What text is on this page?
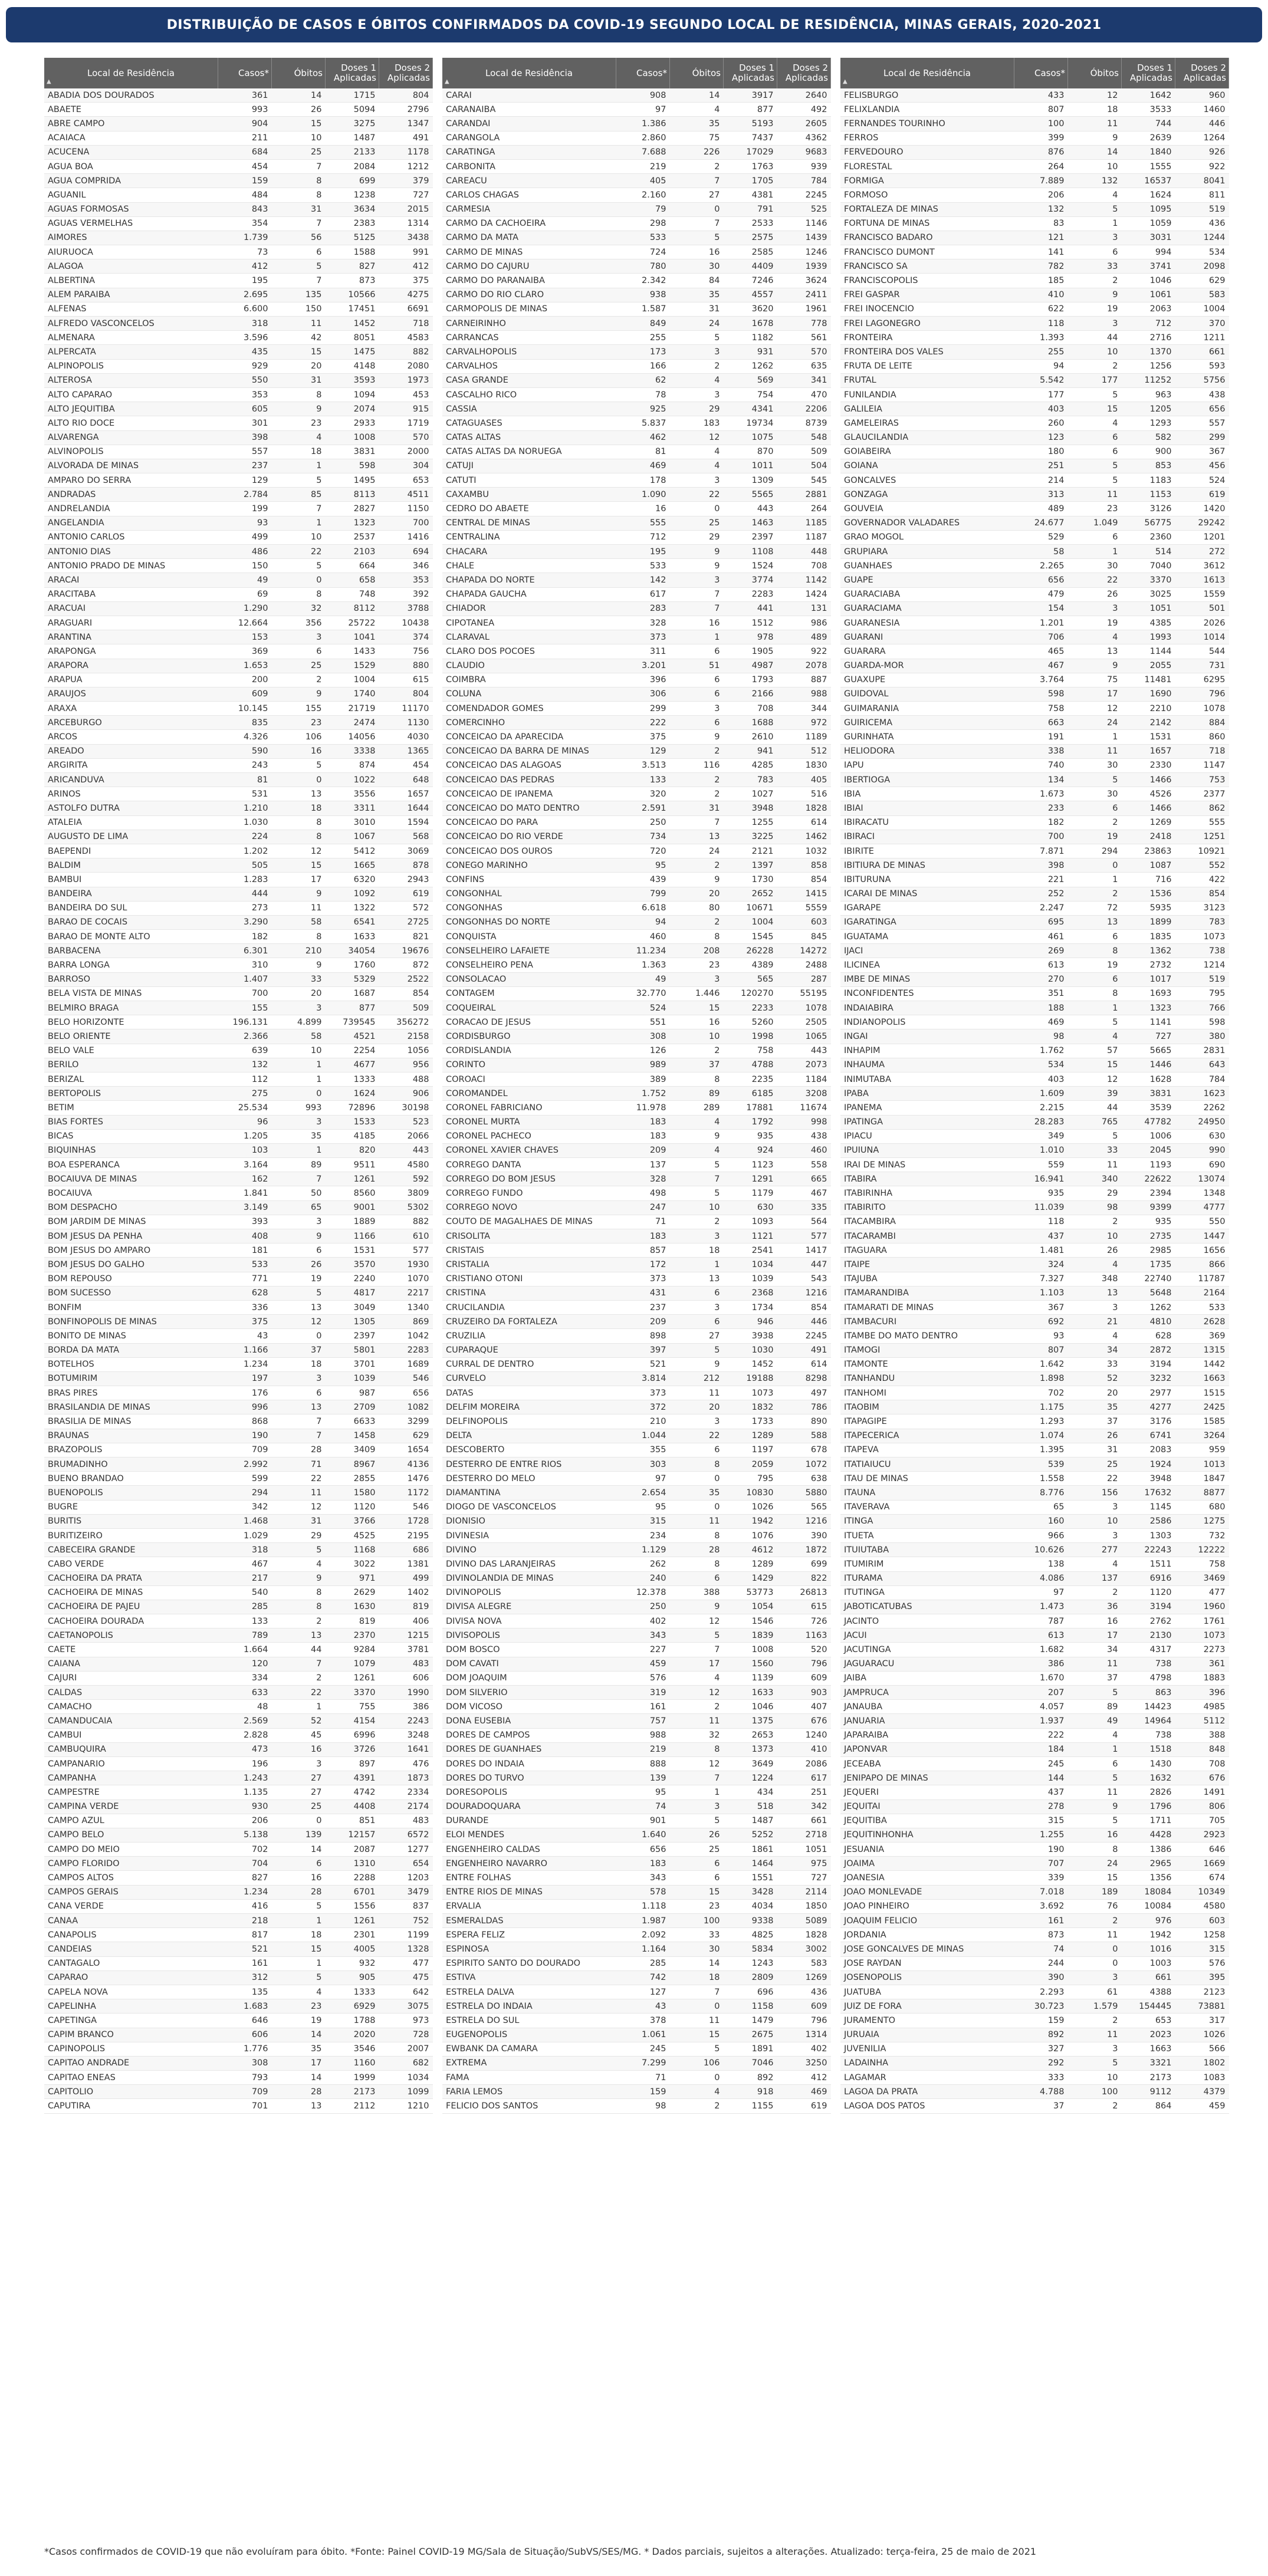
DISTRIBUIÇÃO DE CASOS E ÓBITOS CONFIRMADOS DA COVID-19 SEGUNDO LOCAL DE RESIDÊNCIA, MINAS GERAIS, 2020-2021
Local de Residência
▲	Casos*	Óbitos	Doses 1 Aplicadas	Doses 2 Aplicadas
ABADIA DOS DOURADOS	361	14	1715	804
ABAETE	993	26	5094	2796
ABRE CAMPO	904	15	3275	1347
ACAIACA	211	10	1487	491
ACUCENA	684	25	2133	1178
AGUA BOA	454	7	2084	1212
AGUA COMPRIDA	159	8	699	379
AGUANIL	484	8	1238	727
AGUAS FORMOSAS	843	31	3634	2015
AGUAS VERMELHAS	354	7	2383	1314
AIMORES	1.739	56	5125	3438
AIURUOCA	73	6	1588	991
ALAGOA	412	5	827	412
ALBERTINA	195	7	873	375
ALEM PARAIBA	2.695	135	10566	4275
ALFENAS	6.600	150	17451	6691
ALFREDO VASCONCELOS	318	11	1452	718
ALMENARA	3.596	42	8051	4583
ALPERCATA	435	15	1475	882
ALPINOPOLIS	929	20	4148	2080
ALTEROSA	550	31	3593	1973
ALTO CAPARAO	353	8	1094	453
ALTO JEQUITIBA	605	9	2074	915
ALTO RIO DOCE	301	23	2933	1719
ALVARENGA	398	4	1008	570
ALVINOPOLIS	557	18	3831	2000
ALVORADA DE MINAS	237	1	598	304
AMPARO DO SERRA	129	5	1495	653
ANDRADAS	2.784	85	8113	4511
ANDRELANDIA	199	7	2827	1150
ANGELANDIA	93	1	1323	700
ANTONIO CARLOS	499	10	2537	1416
ANTONIO DIAS	486	22	2103	694
ANTONIO PRADO DE MINAS	150	5	664	346
ARACAI	49	0	658	353
ARACITABA	69	8	748	392
ARACUAI	1.290	32	8112	3788
ARAGUARI	12.664	356	25722	10438
ARANTINA	153	3	1041	374
ARAPONGA	369	6	1433	756
ARAPORA	1.653	25	1529	880
ARAPUA	200	2	1004	615
ARAUJOS	609	9	1740	804
ARAXA	10.145	155	21719	11170
ARCEBURGO	835	23	2474	1130
ARCOS	4.326	106	14056	4030
AREADO	590	16	3338	1365
ARGIRITA	243	5	874	454
ARICANDUVA	81	0	1022	648
ARINOS	531	13	3556	1657
ASTOLFO DUTRA	1.210	18	3311	1644
ATALEIA	1.030	8	3010	1594
AUGUSTO DE LIMA	224	8	1067	568
BAEPENDI	1.202	12	5412	3069
BALDIM	505	15	1665	878
BAMBUI	1.283	17	6320	2943
BANDEIRA	444	9	1092	619
BANDEIRA DO SUL	273	11	1322	572
BARAO DE COCAIS	3.290	58	6541	2725
BARAO DE MONTE ALTO	182	8	1633	821
BARBACENA	6.301	210	34054	19676
BARRA LONGA	310	9	1760	872
BARROSO	1.407	33	5329	2522
BELA VISTA DE MINAS	700	20	1687	854
BELMIRO BRAGA	155	3	877	509
BELO HORIZONTE	196.131	4.899	739545	356272
BELO ORIENTE	2.366	58	4521	2158
BELO VALE	639	10	2254	1056
BERILO	132	1	4677	956
BERIZAL	112	1	1333	488
BERTOPOLIS	275	0	1624	906
BETIM	25.534	993	72896	30198
BIAS FORTES	96	3	1533	523
BICAS	1.205	35	4185	2066
BIQUINHAS	103	1	820	443
BOA ESPERANCA	3.164	89	9511	4580
BOCAIUVA DE MINAS	162	7	1261	592
BOCAIUVA	1.841	50	8560	3809
BOM DESPACHO	3.149	65	9001	5302
BOM JARDIM DE MINAS	393	3	1889	882
BOM JESUS DA PENHA	408	9	1166	610
BOM JESUS DO AMPARO	181	6	1531	577
BOM JESUS DO GALHO	533	26	3570	1930
BOM REPOUSO	771	19	2240	1070
BOM SUCESSO	628	5	4817	2217
BONFIM	336	13	3049	1340
BONFINOPOLIS DE MINAS	375	12	1305	869
BONITO DE MINAS	43	0	2397	1042
BORDA DA MATA	1.166	37	5801	2283
BOTELHOS	1.234	18	3701	1689
BOTUMIRIM	197	3	1039	546
BRAS PIRES	176	6	987	656
BRASILANDIA DE MINAS	996	13	2709	1082
BRASILIA DE MINAS	868	7	6633	3299
BRAUNAS	190	7	1458	629
BRAZOPOLIS	709	28	3409	1654
BRUMADINHO	2.992	71	8967	4136
BUENO BRANDAO	599	22	2855	1476
BUENOPOLIS	294	11	1580	1172
BUGRE	342	12	1120	546
BURITIS	1.468	31	3766	1728
BURITIZEIRO	1.029	29	4525	2195
CABECEIRA GRANDE	318	5	1168	686
CABO VERDE	467	4	3022	1381
CACHOEIRA DA PRATA	217	9	971	499
CACHOEIRA DE MINAS	540	8	2629	1402
CACHOEIRA DE PAJEU	285	8	1630	819
CACHOEIRA DOURADA	133	2	819	406
CAETANOPOLIS	789	13	2370	1215
CAETE	1.664	44	9284	3781
CAIANA	120	7	1079	483
CAJURI	334	2	1261	606
CALDAS	633	22	3370	1990
CAMACHO	48	1	755	386
CAMANDUCAIA	2.569	52	4154	2243
CAMBUI	2.828	45	6996	3248
CAMBUQUIRA	473	16	3726	1641
CAMPANARIO	196	3	897	476
CAMPANHA	1.243	27	4391	1873
CAMPESTRE	1.135	27	4742	2334
CAMPINA VERDE	930	25	4408	2174
CAMPO AZUL	206	0	851	483
CAMPO BELO	5.138	139	12157	6572
CAMPO DO MEIO	702	14	2087	1277
CAMPO FLORIDO	704	6	1310	654
CAMPOS ALTOS	827	16	2288	1203
CAMPOS GERAIS	1.234	28	6701	3479
CANA VERDE	416	5	1556	837
CANAA	218	1	1261	752
CANAPOLIS	817	18	2301	1199
CANDEIAS	521	15	4005	1328
CANTAGALO	161	1	932	477
CAPARAO	312	5	905	475
CAPELA NOVA	135	4	1333	642
CAPELINHA	1.683	23	6929	3075
CAPETINGA	646	19	1788	973
CAPIM BRANCO	606	14	2020	728
CAPINOPOLIS	1.776	35	3546	2007
CAPITAO ANDRADE	308	17	1160	682
CAPITAO ENEAS	793	14	1999	1034
CAPITOLIO	709	28	2173	1099
CAPUTIRA	701	13	2112	1210
Local de Residência
▲	Casos*	Óbitos	Doses 1 Aplicadas	Doses 2 Aplicadas
CARAI	908	14	3917	2640
CARANAIBA	97	4	877	492
CARANDAI	1.386	35	5193	2605
CARANGOLA	2.860	75	7437	4362
CARATINGA	7.688	226	17029	9683
CARBONITA	219	2	1763	939
CAREACU	405	7	1705	784
CARLOS CHAGAS	2.160	27	4381	2245
CARMESIA	79	0	791	525
CARMO DA CACHOEIRA	298	7	2533	1146
CARMO DA MATA	533	5	2575	1439
CARMO DE MINAS	724	16	2585	1246
CARMO DO CAJURU	780	30	4409	1939
CARMO DO PARANAIBA	2.342	84	7246	3624
CARMO DO RIO CLARO	938	35	4557	2411
CARMOPOLIS DE MINAS	1.587	31	3620	1961
CARNEIRINHO	849	24	1678	778
CARRANCAS	255	5	1182	561
CARVALHOPOLIS	173	3	931	570
CARVALHOS	166	2	1262	635
CASA GRANDE	62	4	569	341
CASCALHO RICO	78	3	754	470
CASSIA	925	29	4341	2206
CATAGUASES	5.837	183	19734	8739
CATAS ALTAS	462	12	1075	548
CATAS ALTAS DA NORUEGA	81	4	870	509
CATUJI	469	4	1011	504
CATUTI	178	3	1309	545
CAXAMBU	1.090	22	5565	2881
CEDRO DO ABAETE	16	0	443	264
CENTRAL DE MINAS	555	25	1463	1185
CENTRALINA	712	29	2397	1187
CHACARA	195	9	1108	448
CHALE	533	9	1524	708
CHAPADA DO NORTE	142	3	3774	1142
CHAPADA GAUCHA	617	7	2283	1424
CHIADOR	283	7	441	131
CIPOTANEA	328	16	1512	986
CLARAVAL	373	1	978	489
CLARO DOS POCOES	311	6	1905	922
CLAUDIO	3.201	51	4987	2078
COIMBRA	396	6	1793	887
COLUNA	306	6	2166	988
COMENDADOR GOMES	299	3	708	344
COMERCINHO	222	6	1688	972
CONCEICAO DA APARECIDA	375	9	2610	1189
CONCEICAO DA BARRA DE MINAS	129	2	941	512
CONCEICAO DAS ALAGOAS	3.513	116	4285	1830
CONCEICAO DAS PEDRAS	133	2	783	405
CONCEICAO DE IPANEMA	320	2	1027	516
CONCEICAO DO MATO DENTRO	2.591	31	3948	1828
CONCEICAO DO PARA	250	7	1255	614
CONCEICAO DO RIO VERDE	734	13	3225	1462
CONCEICAO DOS OUROS	720	24	2121	1032
CONEGO MARINHO	95	2	1397	858
CONFINS	439	9	1730	854
CONGONHAL	799	20	2652	1415
CONGONHAS	6.618	80	10671	5559
CONGONHAS DO NORTE	94	2	1004	603
CONQUISTA	460	8	1545	845
CONSELHEIRO LAFAIETE	11.234	208	26228	14272
CONSELHEIRO PENA	1.363	23	4389	2488
CONSOLACAO	49	3	565	287
CONTAGEM	32.770	1.446	120270	55195
COQUEIRAL	524	15	2233	1078
CORACAO DE JESUS	551	16	5260	2505
CORDISBURGO	308	10	1998	1065
CORDISLANDIA	126	2	758	443
CORINTO	989	37	4788	2073
COROACI	389	8	2235	1184
COROMANDEL	1.752	89	6185	3208
CORONEL FABRICIANO	11.978	289	17881	11674
CORONEL MURTA	183	4	1792	998
CORONEL PACHECO	183	9	935	438
CORONEL XAVIER CHAVES	209	4	924	460
CORREGO DANTA	137	5	1123	558
CORREGO DO BOM JESUS	328	7	1291	665
CORREGO FUNDO	498	5	1179	467
CORREGO NOVO	247	10	630	335
COUTO DE MAGALHAES DE MINAS	71	2	1093	564
CRISOLITA	183	3	1121	577
CRISTAIS	857	18	2541	1417
CRISTALIA	172	1	1034	447
CRISTIANO OTONI	373	13	1039	543
CRISTINA	431	6	2368	1216
CRUCILANDIA	237	3	1734	854
CRUZEIRO DA FORTALEZA	209	6	946	446
CRUZILIA	898	27	3938	2245
CUPARAQUE	397	5	1030	491
CURRAL DE DENTRO	521	9	1452	614
CURVELO	3.814	212	19188	8298
DATAS	373	11	1073	497
DELFIM MOREIRA	372	20	1832	786
DELFINOPOLIS	210	3	1733	890
DELTA	1.044	22	1289	588
DESCOBERTO	355	6	1197	678
DESTERRO DE ENTRE RIOS	303	8	2059	1072
DESTERRO DO MELO	97	0	795	638
DIAMANTINA	2.654	35	10830	5880
DIOGO DE VASCONCELOS	95	0	1026	565
DIONISIO	315	11	1942	1216
DIVINESIA	234	8	1076	390
DIVINO	1.129	28	4612	1872
DIVINO DAS LARANJEIRAS	262	8	1289	699
DIVINOLANDIA DE MINAS	240	6	1429	822
DIVINOPOLIS	12.378	388	53773	26813
DIVISA ALEGRE	250	9	1054	615
DIVISA NOVA	402	12	1546	726
DIVISOPOLIS	343	5	1839	1163
DOM BOSCO	227	7	1008	520
DOM CAVATI	459	17	1560	796
DOM JOAQUIM	576	4	1139	609
DOM SILVERIO	319	12	1633	903
DOM VICOSO	161	2	1046	407
DONA EUSEBIA	757	11	1375	676
DORES DE CAMPOS	988	32	2653	1240
DORES DE GUANHAES	219	8	1373	410
DORES DO INDAIA	888	12	3649	2086
DORES DO TURVO	139	7	1224	617
DORESOPOLIS	95	1	434	251
DOURADOQUARA	74	3	518	342
DURANDE	901	5	1487	661
ELOI MENDES	1.640	26	5252	2718
ENGENHEIRO CALDAS	656	25	1861	1051
ENGENHEIRO NAVARRO	183	6	1464	975
ENTRE FOLHAS	343	6	1551	727
ENTRE RIOS DE MINAS	578	15	3428	2114
ERVALIA	1.118	23	4034	1850
ESMERALDAS	1.987	100	9338	5089
ESPERA FELIZ	2.092	33	4825	1828
ESPINOSA	1.164	30	5834	3002
ESPIRITO SANTO DO DOURADO	285	14	1243	583
ESTIVA	742	18	2809	1269
ESTRELA DALVA	127	7	696	436
ESTRELA DO INDAIA	43	0	1158	609
ESTRELA DO SUL	378	11	1479	796
EUGENOPOLIS	1.061	15	2675	1314
EWBANK DA CAMARA	245	5	1891	402
EXTREMA	7.299	106	7046	3250
FAMA	71	0	892	412
FARIA LEMOS	159	4	918	469
FELICIO DOS SANTOS	98	2	1155	619
Local de Residência
▲	Casos*	Óbitos	Doses 1 Aplicadas	Doses 2 Aplicadas
FELISBURGO	433	12	1642	960
FELIXLANDIA	807	18	3533	1460
FERNANDES TOURINHO	100	11	744	446
FERROS	399	9	2639	1264
FERVEDOURO	876	14	1840	926
FLORESTAL	264	10	1555	922
FORMIGA	7.889	132	16537	8041
FORMOSO	206	4	1624	811
FORTALEZA DE MINAS	132	5	1095	519
FORTUNA DE MINAS	83	1	1059	436
FRANCISCO BADARO	121	3	3031	1244
FRANCISCO DUMONT	141	6	994	534
FRANCISCO SA	782	33	3741	2098
FRANCISCOPOLIS	185	2	1046	629
FREI GASPAR	410	9	1061	583
FREI INOCENCIO	622	19	2063	1004
FREI LAGONEGRO	118	3	712	370
FRONTEIRA	1.393	44	2716	1211
FRONTEIRA DOS VALES	255	10	1370	661
FRUTA DE LEITE	94	2	1256	593
FRUTAL	5.542	177	11252	5756
FUNILANDIA	177	5	963	438
GALILEIA	403	15	1205	656
GAMELEIRAS	260	4	1293	557
GLAUCILANDIA	123	6	582	299
GOIABEIRA	180	6	900	367
GOIANA	251	5	853	456
GONCALVES	214	5	1183	524
GONZAGA	313	11	1153	619
GOUVEIA	489	23	3126	1420
GOVERNADOR VALADARES	24.677	1.049	56775	29242
GRAO MOGOL	529	6	2360	1201
GRUPIARA	58	1	514	272
GUANHAES	2.265	30	7040	3612
GUAPE	656	22	3370	1613
GUARACIABA	479	26	3025	1559
GUARACIAMA	154	3	1051	501
GUARANESIA	1.201	19	4385	2026
GUARANI	706	4	1993	1014
GUARARA	465	13	1144	544
GUARDA-MOR	467	9	2055	731
GUAXUPE	3.764	75	11481	6295
GUIDOVAL	598	17	1690	796
GUIMARANIA	758	12	2210	1078
GUIRICEMA	663	24	2142	884
GURINHATA	191	1	1531	860
HELIODORA	338	11	1657	718
IAPU	740	30	2330	1147
IBERTIOGA	134	5	1466	753
IBIA	1.673	30	4526	2377
IBIAI	233	6	1466	862
IBIRACATU	182	2	1269	555
IBIRACI	700	19	2418	1251
IBIRITE	7.871	294	23863	10921
IBITIURA DE MINAS	398	0	1087	552
IBITURUNA	221	1	716	422
ICARAI DE MINAS	252	2	1536	854
IGARAPE	2.247	72	5935	3123
IGARATINGA	695	13	1899	783
IGUATAMA	461	6	1835	1073
IJACI	269	8	1362	738
ILICINEA	613	19	2732	1214
IMBE DE MINAS	270	6	1017	519
INCONFIDENTES	351	8	1693	795
INDAIABIRA	188	1	1323	766
INDIANOPOLIS	469	5	1141	598
INGAI	98	4	727	380
INHAPIM	1.762	57	5665	2831
INHAUMA	534	15	1446	643
INIMUTABA	403	12	1628	784
IPABA	1.609	39	3831	1623
IPANEMA	2.215	44	3539	2262
IPATINGA	28.283	765	47782	24950
IPIACU	349	5	1006	630
IPUIUNA	1.010	33	2045	990
IRAI DE MINAS	559	11	1193	690
ITABIRA	16.941	340	22622	13074
ITABIRINHA	935	29	2394	1348
ITABIRITO	11.039	98	9399	4777
ITACAMBIRA	118	2	935	550
ITACARAMBI	437	10	2735	1447
ITAGUARA	1.481	26	2985	1656
ITAIPE	324	4	1735	866
ITAJUBA	7.327	348	22740	11787
ITAMARANDIBA	1.103	13	5648	2164
ITAMARATI DE MINAS	367	3	1262	533
ITAMBACURI	692	21	4810	2628
ITAMBE DO MATO DENTRO	93	4	628	369
ITAMOGI	807	34	2872	1315
ITAMONTE	1.642	33	3194	1442
ITANHANDU	1.898	52	3232	1663
ITANHOMI	702	20	2977	1515
ITAOBIM	1.175	35	4277	2425
ITAPAGIPE	1.293	37	3176	1585
ITAPECERICA	1.074	26	6741	3264
ITAPEVA	1.395	31	2083	959
ITATIAIUCU	539	25	1924	1013
ITAU DE MINAS	1.558	22	3948	1847
ITAUNA	8.776	156	17632	8877
ITAVERAVA	65	3	1145	680
ITINGA	160	10	2586	1275
ITUETA	966	3	1303	732
ITUIUTABA	10.626	277	22243	12222
ITUMIRIM	138	4	1511	758
ITURAMA	4.086	137	6916	3469
ITUTINGA	97	2	1120	477
JABOTICATUBAS	1.473	36	3194	1960
JACINTO	787	16	2762	1761
JACUI	613	17	2130	1073
JACUTINGA	1.682	34	4317	2273
JAGUARACU	386	11	738	361
JAIBA	1.670	37	4798	1883
JAMPRUCA	207	5	863	396
JANAUBA	4.057	89	14423	4985
JANUARIA	1.937	49	14964	5112
JAPARAIBA	222	4	738	388
JAPONVAR	184	1	1518	848
JECEABA	245	6	1430	708
JENIPAPO DE MINAS	144	5	1632	676
JEQUERI	437	11	2826	1491
JEQUITAI	278	9	1796	806
JEQUITIBA	315	5	1711	705
JEQUITINHONHA	1.255	16	4428	2923
JESUANIA	190	8	1386	646
JOAIMA	707	24	2965	1669
JOANESIA	339	15	1356	674
JOAO MONLEVADE	7.018	189	18084	10349
JOAO PINHEIRO	3.692	76	10084	4580
JOAQUIM FELICIO	161	2	976	603
JORDANIA	873	11	1942	1258
JOSE GONCALVES DE MINAS	74	0	1016	315
JOSE RAYDAN	244	0	1003	576
JOSENOPOLIS	390	3	661	395
JUATUBA	2.293	61	4388	2123
JUIZ DE FORA	30.723	1.579	154445	73881
JURAMENTO	159	2	653	317
JURUAIA	892	11	2023	1026
JUVENILIA	327	3	1663	566
LADAINHA	292	5	3321	1802
LAGAMAR	333	10	2173	1083
LAGOA DA PRATA	4.788	100	9112	4379
LAGOA DOS PATOS	37	2	864	459
*Casos confirmados de COVID-19 que não evoluíram para óbito. *Fonte: Painel COVID-19 MG/Sala de Situação/SubVS/SES/MG. * Dados parciais, sujeitos a alterações. Atualizado: terça-feira, 25 de maio de 2021
